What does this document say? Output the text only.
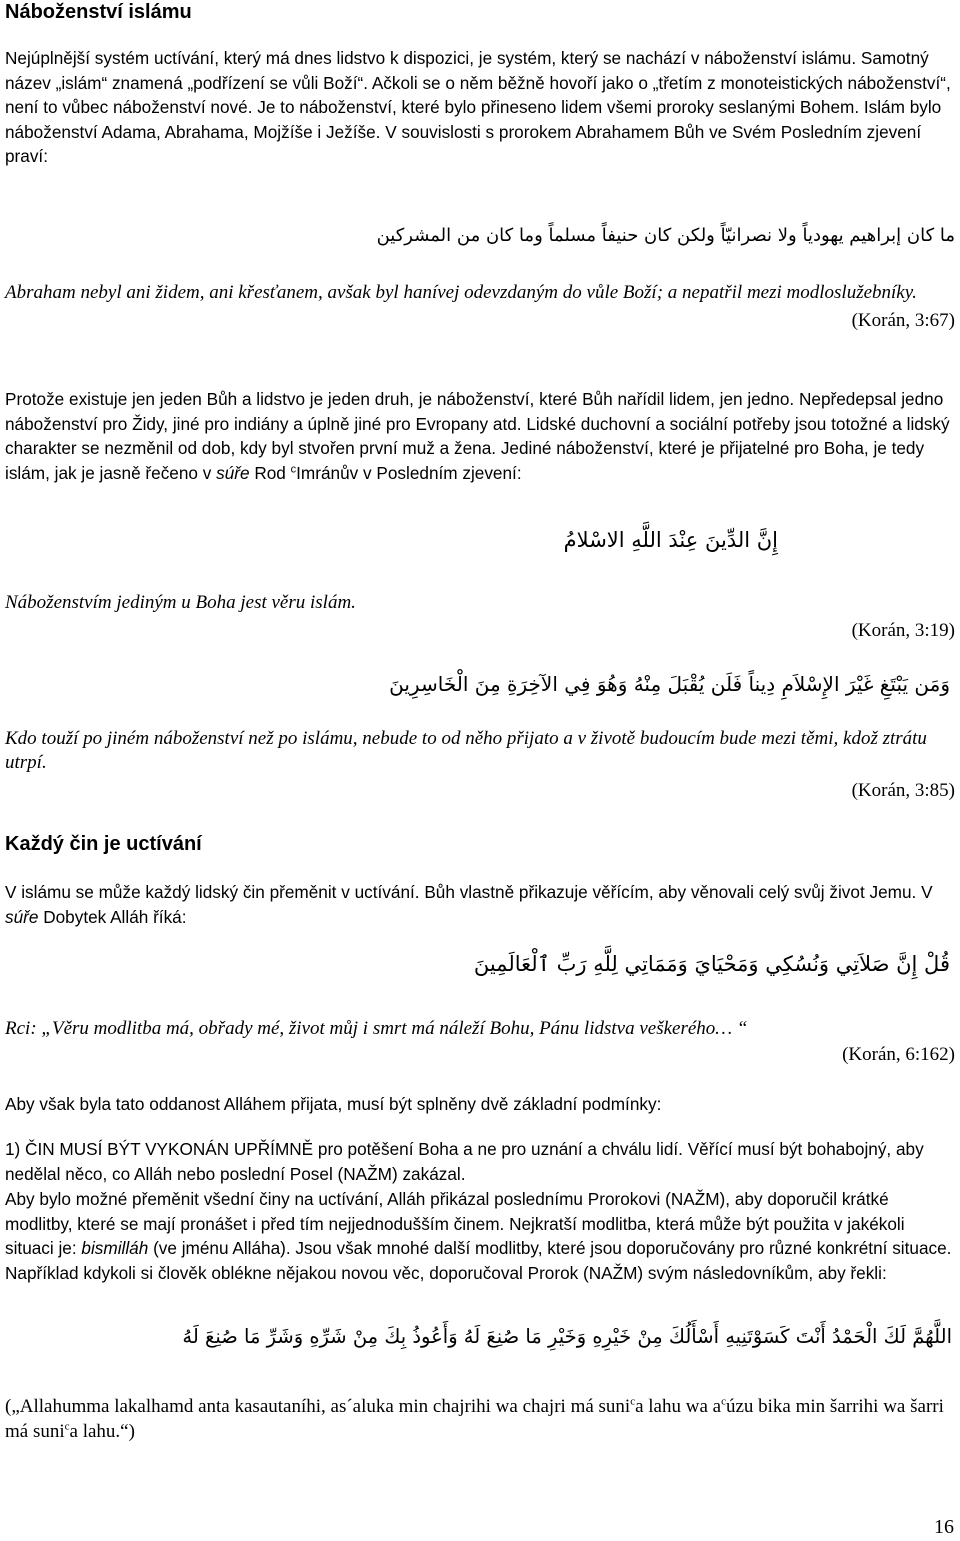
Náboženství islámu

Nejúplnější systém uctívání, který má dnes lidstvo k dispozici, je systém, který se nachází v náboženství islámu. Samotný název „islám“ znamená „podřízení se vůli Boží“. Ačkoli se o něm běžně hovoří jako o „třetím z monoteistických náboženství“, není to vůbec náboženství nové. Je to náboženství, které bylo přineseno lidem všemi proroky seslanými Bohem. Islám bylo náboženství Adama, Abrahama, Mojžíše i Ježíše. V souvislosti s prorokem Abrahamem Bůh ve Svém Posledním zjevení praví:

ما كان إبراهيم يهودياً ولا نصرانيّاً ولكن كان حنيفاً مسلماً وما كان من المشركين

Abraham nebyl ani židem, ani křesťanem, avšak byl hanívej odevzdaným do vůle Boží; a nepatřil mezi modloslužebníky.

(Korán, 3:67)

Protože existuje jen jeden Bůh a lidstvo je jeden druh, je náboženství, které Bůh nařídil lidem, jen jedno. Nepředepsal jedno náboženství pro Židy, jiné pro indiány a úplně jiné pro Evropany atd. Lidské duchovní a sociální potřeby jsou totožné a lidský charakter se nezměnil od dob, kdy byl stvořen první muž a žena. Jediné náboženství, které je přijatelné pro Boha, je tedy islám, jak je jasně řečeno v súře Rod $^c$Imránův v Posledním zjevení:

إِنَّ الدِّينَ عِنْدَ اللَّهِ الاسْلامُ

Náboženstvím jediným u Boha jest věru islám.

(Korán, 3:19)
وَمَن يَبْتَغِ غَيْرَ الإِسْلاَمِ دِيناً فَلَن يُقْبَلَ مِنْهُ وَهُوَ فِي الآخِرَةِ مِنَ الْخَاسِرِينَ

Kdo touží po jiném náboženství než po islámu, nebude to od něho přijato a v životě budoucím bude mezi těmi, kdož ztrátu utrpí.

(Korán, 3:85)
Každý čin je uctívání

V islámu se může každý lidský čin přeměnit v uctívání. Bůh vlastně přikazuje věřícím, aby věnovali celý svůj život Jemu. V súře Dobytek Alláh říká:

قُلْ إِنَّ صَلاَتِي وَنُسُكِي وَمَحْيَايَ وَمَمَاتِي لِلَّهِ رَبِّ ٱلْعَالَمِينَ

Rci: „Věru modlitba má, obřady mé, život můj i smrt má náleží Bohu, Pánu lidstva veškerého… “

(Korán, 6:162)

Aby však byla tato oddanost Alláhem přijata, musí být splněny dvě základní podmínky:

1) ČIN MUSÍ BÝT VYKONÁN UPŘÍMNĚ pro potěšení Boha a ne pro uznání a chválu lidí. Věřící musí být bohabojný, aby nedělal něco, co Alláh nebo poslední Posel (NAŽM) zakázal.

Aby bylo možné přeměnit všední činy na uctívání, Alláh přikázal poslednímu Prorokovi (NAŽM), aby doporučil krátké modlitby, které se mají pronášet i před tím nejjednodušším činem. Nejkratší modlitba, která může být použita v jakékoli situaci je: bismilláh (ve jménu Alláha). Jsou však mnohé další modlitby, které jsou doporučovány pro různé konkrétní situace. Například kdykoli si člověk oblékne nějakou novou věc, doporučoval Prorok (NAŽM) svým následovníkům, aby řekli:

اللَّهُمَّ لَكَ الْحَمْدُ أَنْتَ كَسَوْتَنِيهِ أَسْأَلُكَ مِنْ خَيْرِهِ وَخَيْرِ مَا صُنِعَ لَهُ وَأَعُوذُ بِكَ مِنْ شَرِّهِ وَشَرِّ مَا صُنِعَ لَهُ

(„Allahumma lakalhamd anta kasautaníhi, as´aluka min chajrihi wa chajri má suni$^c$a lahu wa $a^cúzu$ bika min šarrihi wa šarri má suni$^c$a lahu.“)

16
